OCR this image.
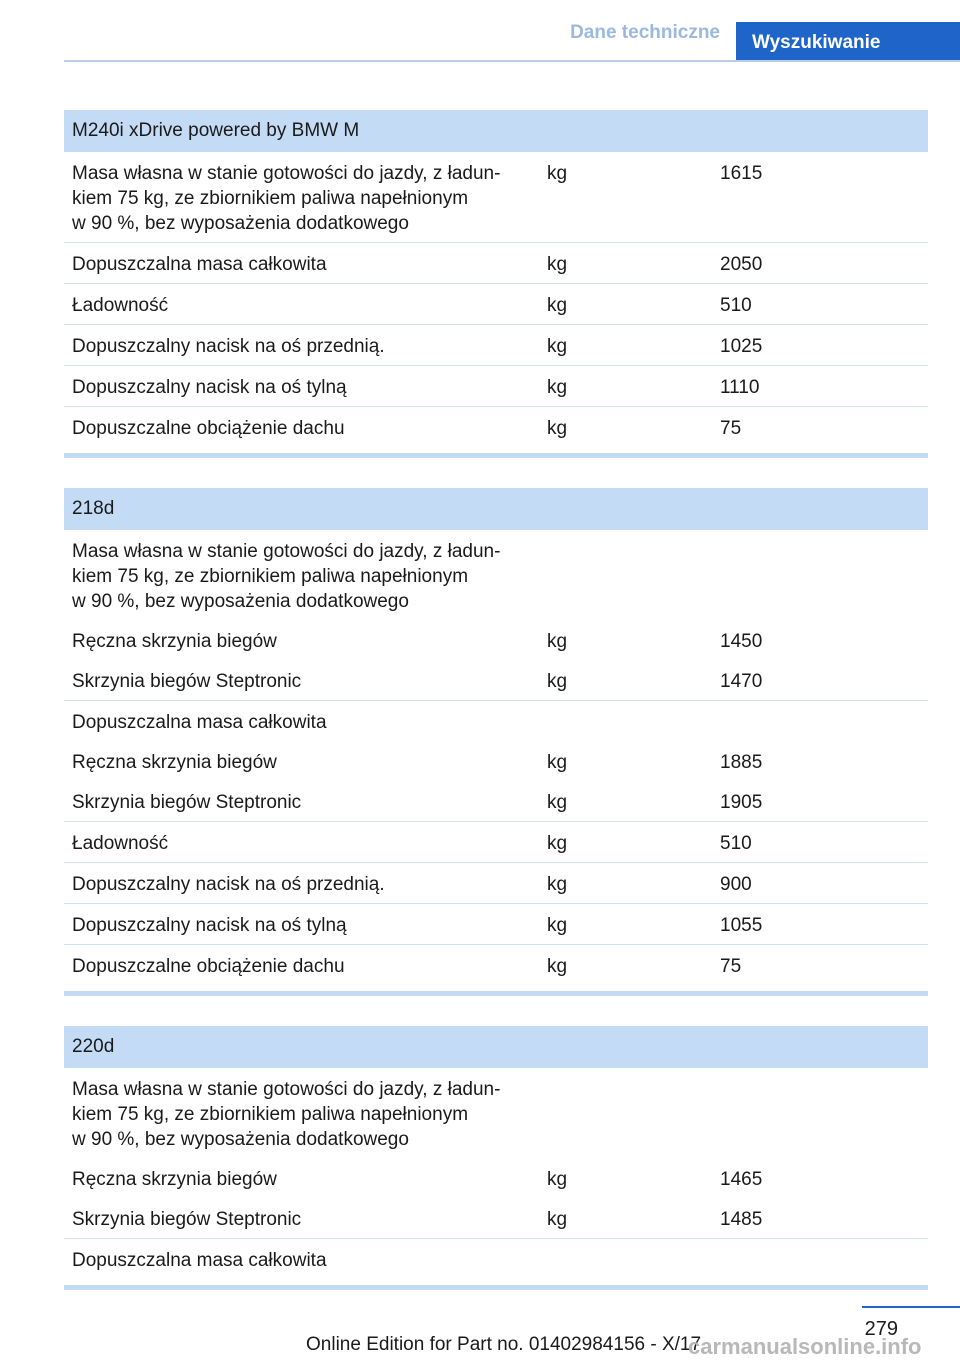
Dane techniczne	Wyszukiwanie
M240i xDrive powered by BMW M		
Masa własna w stanie gotowości do jazdy, z ładun-
kiem 75 kg, ze zbiornikiem paliwa napełnionym
w 90 %, bez wyposażenia dodatkowego	kg	1615
Dopuszczalna masa całkowita	kg	2050
Ładowność	kg	510
Dopuszczalny nacisk na oś przednią.	kg	1025
Dopuszczalny nacisk na oś tylną	kg	1110
Dopuszczalne obciążenie dachu	kg	75
218d		
Masa własna w stanie gotowości do jazdy, z ładun-
kiem 75 kg, ze zbiornikiem paliwa napełnionym
w 90 %, bez wyposażenia dodatkowego		
Ręczna skrzynia biegów	kg	1450
Skrzynia biegów Steptronic	kg	1470
Dopuszczalna masa całkowita		
Ręczna skrzynia biegów	kg	1885
Skrzynia biegów Steptronic	kg	1905
Ładowność	kg	510
Dopuszczalny nacisk na oś przednią.	kg	900
Dopuszczalny nacisk na oś tylną	kg	1055
Dopuszczalne obciążenie dachu	kg	75
220d		
Masa własna w stanie gotowości do jazdy, z ładun-
kiem 75 kg, ze zbiornikiem paliwa napełnionym
w 90 %, bez wyposażenia dodatkowego		
Ręczna skrzynia biegów	kg	1465
Skrzynia biegów Steptronic	kg	1485
Dopuszczalna masa całkowita		
279
Online Edition for Part no. 01402984156 - X/17
carmanualsonline.info
